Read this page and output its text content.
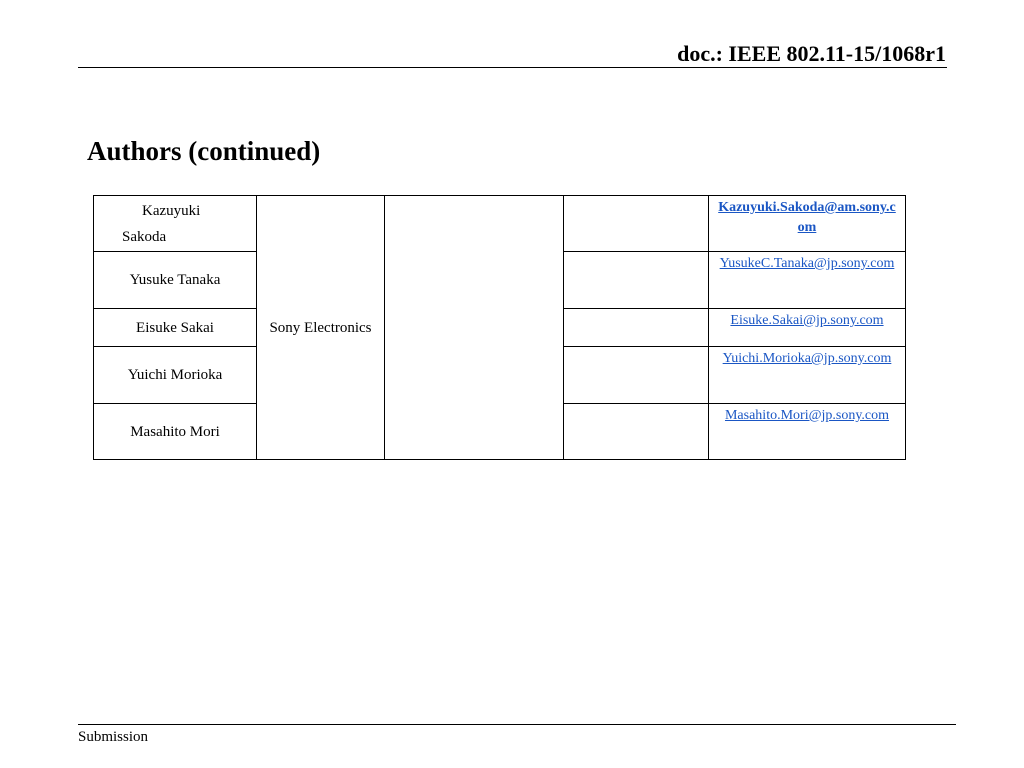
doc.: IEEE 802.11-15/1068r1
Authors (continued)
Kazuyuki
Sakoda	Sony Electronics			Kazuyuki.Sakoda@am.sony.com
Yusuke Tanaka				YusukeC.Tanaka@jp.sony.com
Eisuke Sakai				Eisuke.Sakai@jp.sony.com
Yuichi Morioka				Yuichi.Morioka@jp.sony.com
Masahito Mori				Masahito.Mori@jp.sony.com
Submission
